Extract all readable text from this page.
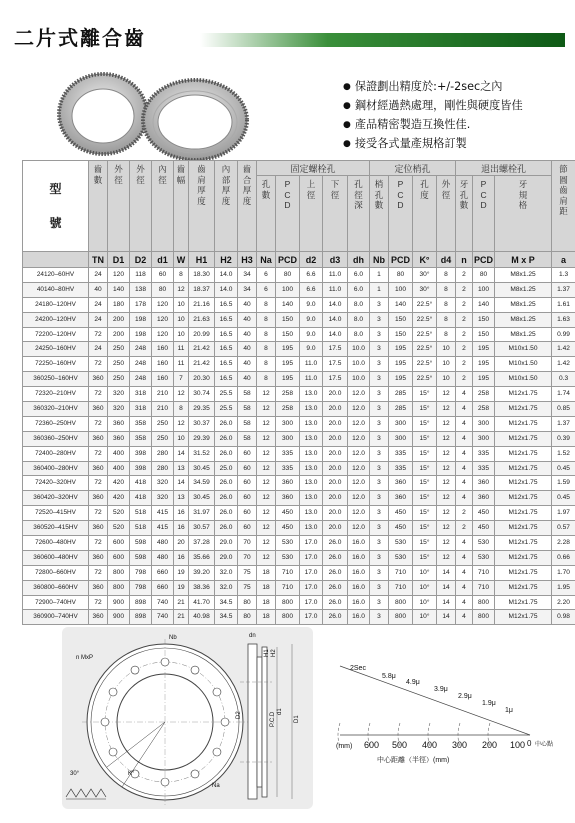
二片式離合齒
● 保證劃出精度於:+/-2sec之內
● 鋼材經過熱處理，剛性與硬度皆佳
● 產品精密製造互換性佳.
● 接受各式量產規格訂製
型
號	齒數	外徑	外徑	內徑	齒幅	齒肩厚度	內部厚度	齒合厚度	固定螺栓孔					定位梢孔				退出螺栓孔			節圓齒肩距
									孔數	PCD	上徑	下徑	孔徑深	梢孔數	PCD	孔度	外徑	牙孔數	PCD	牙規格	
	TN	D1	D2	d1	W	H1	H2	H3	Na	PCD	d2	d3	dh	Nb	PCD	K°	d4	n	PCD	M x P	a
24120–60HV	24	120	118	60	8	18.30	14.0	34	6	80	6.6	11.0	6.0	1	80	30°	8	2	80	M8x1.25	1.3
40140–80HV	40	140	138	80	12	18.37	14.0	34	6	100	6.6	11.0	6.0	1	100	30°	8	2	100	M8x1.25	1.37
24180–120HV	24	180	178	120	10	21.16	16.5	40	8	140	9.0	14.0	8.0	3	140	22.5°	8	2	140	M8x1.25	1.61
24200–120HV	24	200	198	120	10	21.63	16.5	40	8	150	9.0	14.0	8.0	3	150	22.5°	8	2	150	M8x1.25	1.63
72200–120HV	72	200	198	120	10	20.99	16.5	40	8	150	9.0	14.0	8.0	3	150	22.5°	8	2	150	M8x1.25	0.99
24250–160HV	24	250	248	160	11	21.42	16.5	40	8	195	9.0	17.5	10.0	3	195	22.5°	10	2	195	M10x1.50	1.42
72250–160HV	72	250	248	160	11	21.42	16.5	40	8	195	11.0	17.5	10.0	3	195	22.5°	10	2	195	M10x1.50	1.42
360250–160HV	360	250	248	160	7	20.30	16.5	40	8	195	11.0	17.5	10.0	3	195	22.5°	10	2	195	M10x1.50	0.3
72320–210HV	72	320	318	210	12	30.74	25.5	58	12	258	13.0	20.0	12.0	3	285	15°	12	4	258	M12x1.75	1.74
360320–210HV	360	320	318	210	8	29.35	25.5	58	12	258	13.0	20.0	12.0	3	285	15°	12	4	258	M12x1.75	0.85
72360–250HV	72	360	358	250	12	30.37	26.0	58	12	300	13.0	20.0	12.0	3	300	15°	12	4	300	M12x1.75	1.37
360360–250HV	360	360	358	250	10	29.39	26.0	58	12	300	13.0	20.0	12.0	3	300	15°	12	4	300	M12x1.75	0.39
72400–280HV	72	400	398	280	14	31.52	26.0	60	12	335	13.0	20.0	12.0	3	335	15°	12	4	335	M12x1.75	1.52
360400–280HV	360	400	398	280	13	30.45	25.0	60	12	335	13.0	20.0	12.0	3	335	15°	12	4	335	M12x1.75	0.45
72420–320HV	72	420	418	320	14	34.59	26.0	60	12	360	13.0	20.0	12.0	3	360	15°	12	4	360	M12x1.75	1.59
360420–320HV	360	420	418	320	13	30.45	26.0	60	12	360	13.0	20.0	12.0	3	360	15°	12	4	360	M12x1.75	0.45
72520–415HV	72	520	518	415	16	31.97	26.0	60	12	450	13.0	20.0	12.0	3	450	15°	12	2	450	M12x1.75	1.97
360520–415HV	360	520	518	415	16	30.57	26.0	60	12	450	13.0	20.0	12.0	3	450	15°	12	2	450	M12x1.75	0.57
72600–480HV	72	600	598	480	20	37.28	29.0	70	12	530	17.0	26.0	16.0	3	530	15°	12	4	530	M12x1.75	2.28
360600–480HV	360	600	598	480	16	35.66	29.0	70	12	530	17.0	26.0	16.0	3	530	15°	12	4	530	M12x1.75	0.66
72800–660HV	72	800	798	660	19	39.20	32.0	75	18	710	17.0	26.0	16.0	3	710	10°	14	4	710	M12x1.75	1.70
360800–660HV	360	800	798	660	19	38.36	32.0	75	18	710	17.0	26.0	16.0	3	710	10°	14	4	710	M12x1.75	1.95
72900–740HV	72	900	898	740	21	41.70	34.5	80	18	800	17.0	26.0	16.0	3	800	10°	14	4	800	M12x1.75	2.20
360900–740HV	360	900	898	740	21	40.98	34.5	80	18	800	17.0	26.0	16.0	3	800	10°	14	4	800	M12x1.75	0.98
n MxP
Nb
Na
K°
30°
dn
D2	P.C.D
d1
D1
H1 H2
2Sec
5.8μ
4.9μ
3.9μ
2.9μ
1.9μ
1μ
(mm) 600 500 400 300 200 100 0 中心點
中心距離（半徑）(mm)
